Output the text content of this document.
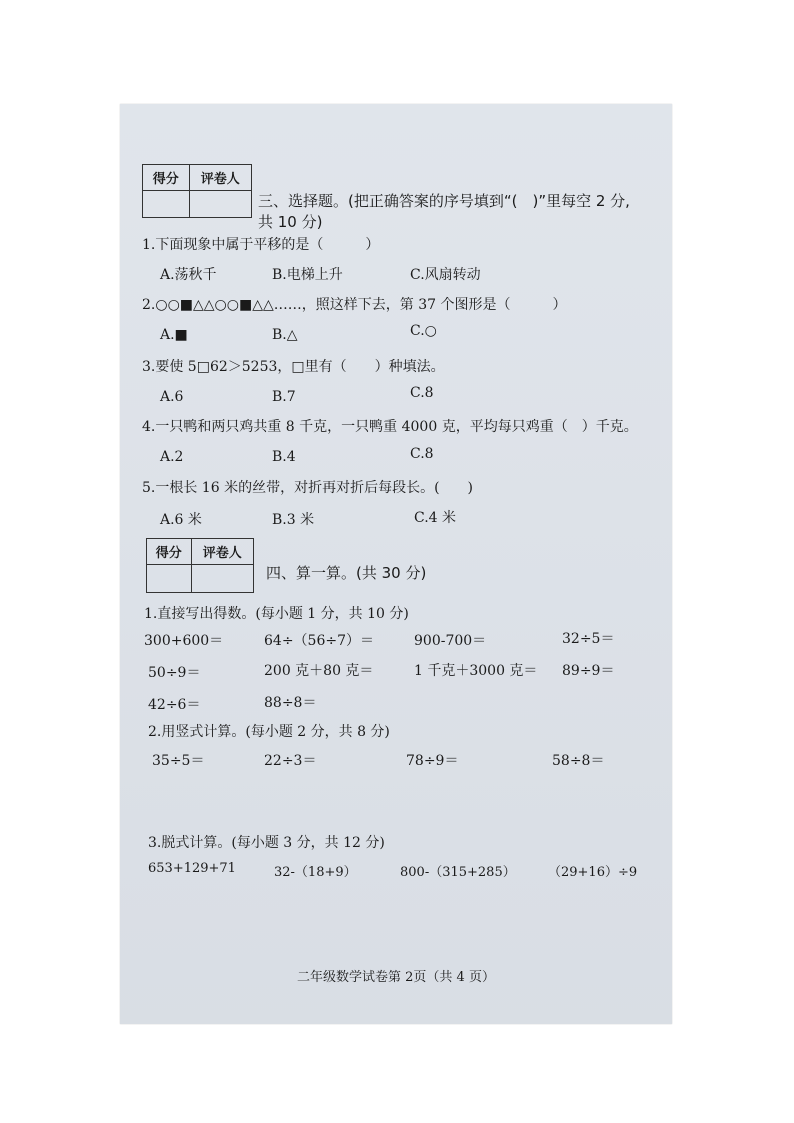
得分	评卷人

三、选择题。(把正确答案的序号填到“(　)”里每空 2 分,
共 10 分)
1.下面现象中属于平移的是（　　　）
A.荡秋千	B.电梯上升	C.风扇转动
2.○○■△△○○■△△……，照这样下去，第 37 个图形是（　　　）
A.■	B.△	C.○
3.要使 5□62＞5253，□里有（　　）种填法。
A.6	B.7	C.8
4.一只鸭和两只鸡共重 8 千克，一只鸭重 4000 克，平均每只鸡重（　）千克。
A.2	B.4	C.8
5.一根长 16 米的丝带，对折再对折后每段长。(　　)
A.6 米	B.3 米	C.4 米
得分	评卷人

四、算一算。(共 30 分)
1.直接写出得数。(每小题 1 分，共 10 分)
300+600＝	64÷（56÷7）＝	900-700＝	32÷5＝
50÷9＝	200 克＋80 克＝	1 千克＋3000 克＝ 89÷9＝
42÷6＝	88÷8＝
2.用竖式计算。(每小题 2 分，共 8 分)
35÷5＝	22÷3＝	78÷9＝	58÷8＝
3.脱式计算。(每小题 3 分，共 12 分)
653+129+71	32-（18+9）	800-（315+285） （29+16）÷9
二年级数学试卷第 2页（共 4 页）
